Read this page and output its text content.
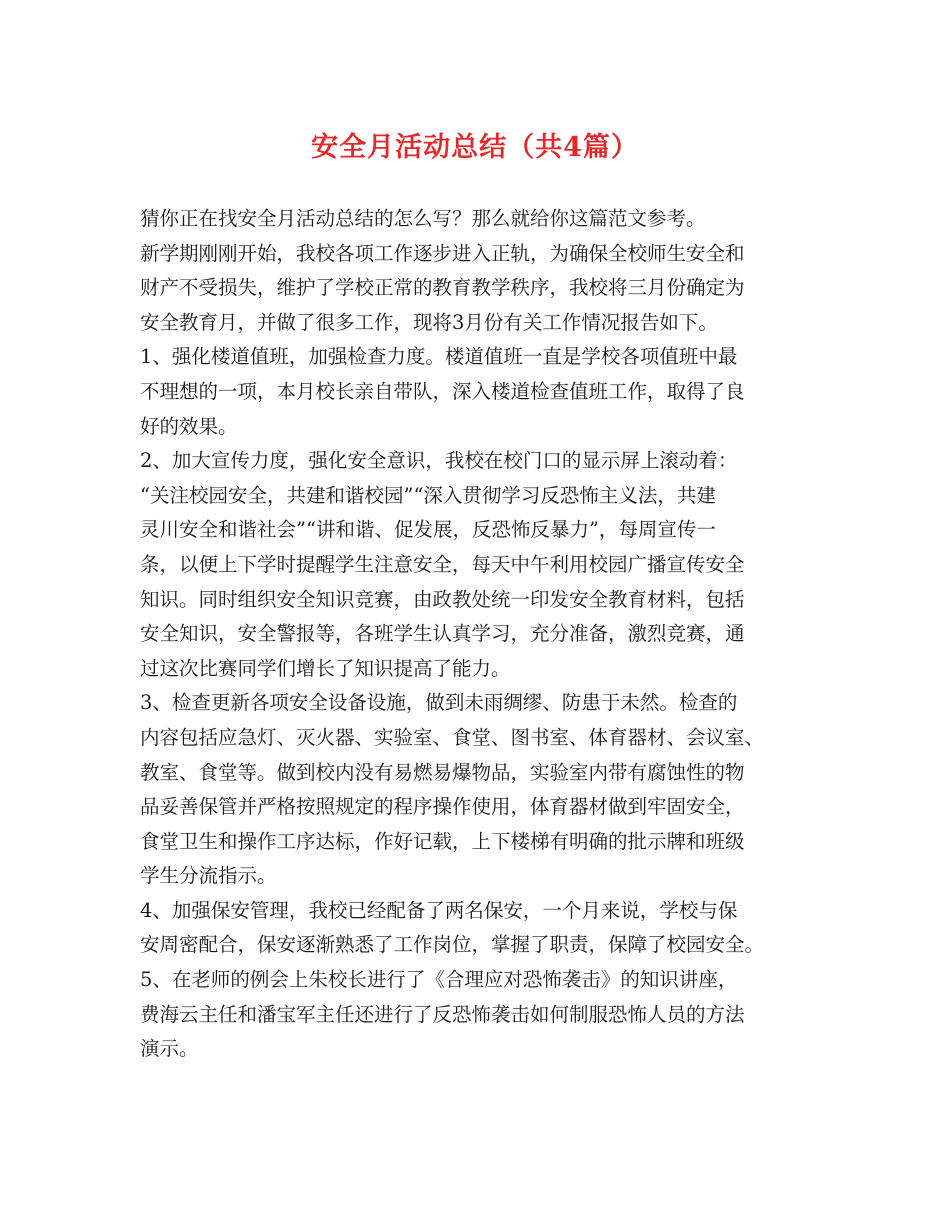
安全月活动总结（共4篇）
猜你正在找安全月活动总结的怎么写？那么就给你这篇范文参考。
新学期刚刚开始，我校各项工作逐步进入正轨，为确保全校师生安全和
财产不受损失，维护了学校正常的教育教学秩序，我校将三月份确定为
安全教育月，并做了很多工作，现将3月份有关工作情况报告如下。
1、强化楼道值班，加强检查力度。楼道值班一直是学校各项值班中最
不理想的一项，本月校长亲自带队，深入楼道检查值班工作，取得了良
好的效果。
2、加大宣传力度，强化安全意识，我校在校门口的显示屏上滚动着：
“关注校园安全，共建和谐校园”“深入贯彻学习反恐怖主义法，共建
灵川安全和谐社会”“讲和谐、促发展，反恐怖反暴力”，每周宣传一
条，以便上下学时提醒学生注意安全，每天中午利用校园广播宣传安全
知识。同时组织安全知识竞赛，由政教处统一印发安全教育材料，包括
安全知识，安全警报等，各班学生认真学习，充分准备，激烈竞赛，通
过这次比赛同学们增长了知识提高了能力。
3、检查更新各项安全设备设施，做到未雨绸缪、防患于未然。检查的
内容包括应急灯、灭火器、实验室、食堂、图书室、体育器材、会议室、
教室、食堂等。做到校内没有易燃易爆物品，实验室内带有腐蚀性的物
品妥善保管并严格按照规定的程序操作使用，体育器材做到牢固安全，
食堂卫生和操作工序达标，作好记载，上下楼梯有明确的批示牌和班级
学生分流指示。
4、加强保安管理，我校已经配备了两名保安，一个月来说，学校与保
安周密配合，保安逐渐熟悉了工作岗位，掌握了职责，保障了校园安全。
5、在老师的例会上朱校长进行了《合理应对恐怖袭击》的知识讲座，
费海云主任和潘宝军主任还进行了反恐怖袭击如何制服恐怖人员的方法
演示。
